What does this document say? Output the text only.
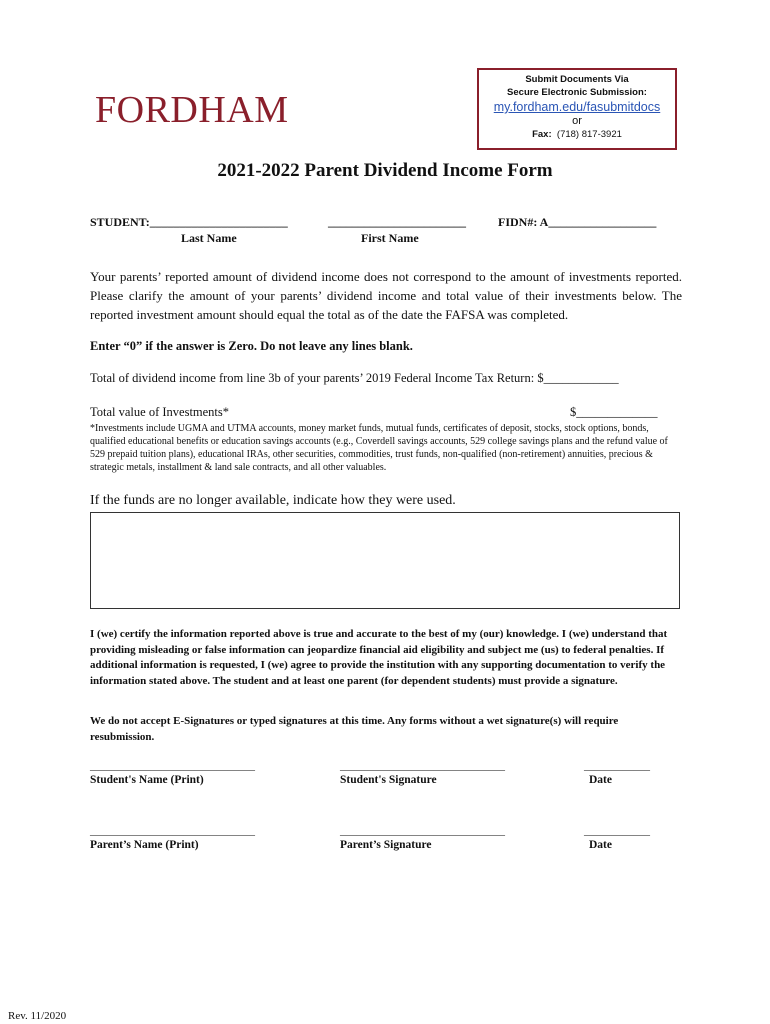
FORDHAM
Submit Documents Via
Secure Electronic Submission:
my.fordham.edu/fasubmitdocs
or
Fax: (718) 817-3921
2021-2022 Parent Dividend Income Form
STUDENT:_______________________	_______________________	FIDN#: A__________________
Last Name	First Name
Your parents’ reported amount of dividend income does not correspond to the amount of investments reported. Please clarify the amount of your parents’ dividend income and total value of their investments below. The reported investment amount should equal the total as of the date the FAFSA was completed.
Enter “0” if the answer is Zero. Do not leave any lines blank.
Total of dividend income from line 3b of your parents’ 2019 Federal Income Tax Return: $____________
Total value of Investments*	$_____________
*Investments include UGMA and UTMA accounts, money market funds, mutual funds, certificates of deposit, stocks, stock options, bonds, qualified educational benefits or education savings accounts (e.g., Coverdell savings accounts, 529 college savings plans and the refund value of 529 prepaid tuition plans), educational IRAs, other securities, commodities, trust funds, non-qualified (non-retirement) annuities, precious & strategic metals, installment & land sale contracts, and all other valuables.
If the funds are no longer available, indicate how they were used.
I (we) certify the information reported above is true and accurate to the best of my (our) knowledge. I (we) understand that providing misleading or false information can jeopardize financial aid eligibility and subject me (us) to federal penalties. If additional information is requested, I (we) agree to provide the institution with any supporting documentation to verify the information stated above. The student and at least one parent (for dependent students) must provide a signature.
We do not accept E-Signatures or typed signatures at this time. Any forms without a wet signature(s) will require resubmission.
______________________________	______________________________	____________
Student's Name (Print)	Student's Signature	Date
______________________________	______________________________	____________
Parent’s Name (Print)	Parent’s Signature	Date
Rev. 11/2020
